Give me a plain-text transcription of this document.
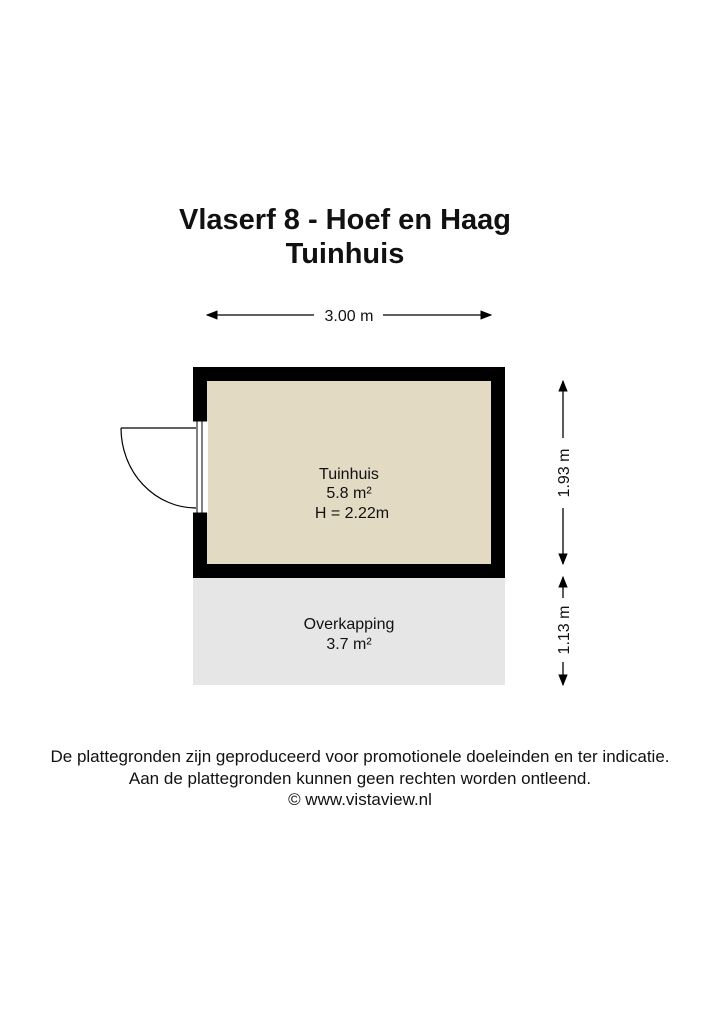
Vlaserf 8 - Hoef en Haag
Tuinhuis
Tuinhuis
5.8 m²
H = 2.22m
Overkapping
3.7 m²
3.00 m
1.93 m
1.13 m
De plattegronden zijn geproduceerd voor promotionele doeleinden en ter indicatie.
Aan de plattegronden kunnen geen rechten worden ontleend.
© www.vistaview.nl
